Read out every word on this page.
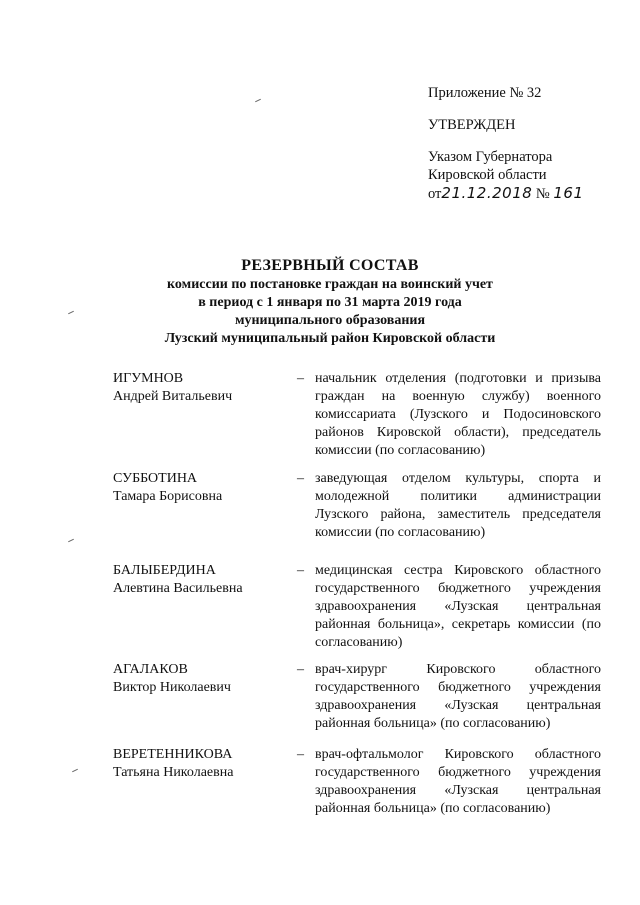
Приложение № 32
УТВЕРЖДЕН
Указом Губернатора
Кировской области
от21.12.2018 № 161
РЕЗЕРВНЫЙ СОСТАВ
комиссии по постановке граждан на воинский учет
в период с 1 января по 31 марта 2019 года
муниципального образования
Лузский муниципальный район Кировской области
ИГУМНОВ
Андрей Витальевич
– начальник отделения (подготовки и призыва граждан на военную службу) военного комиссариата (Лузского и Подосиновского районов Кировской области), председатель комиссии (по согласованию)
СУББОТИНА
Тамара Борисовна
– заведующая отделом культуры, спорта и молодежной политики администрации Лузского района, заместитель председателя комиссии (по согласованию)
БАЛЫБЕРДИНА
Алевтина Васильевна
– медицинская сестра Кировского областного государственного бюджетного учреждения здравоохранения «Лузская центральная районная больница», секретарь комиссии (по согласованию)
АГАЛАКОВ
Виктор Николаевич
– врач-хирург Кировского областного государственного бюджетного учреждения здравоохранения «Лузская центральная районная больница» (по согласованию)
ВЕРЕТЕННИКОВА
Татьяна Николаевна
– врач-офтальмолог Кировского областного государственного бюджетного учреждения здравоохранения «Лузская центральная районная больница» (по согласованию)
